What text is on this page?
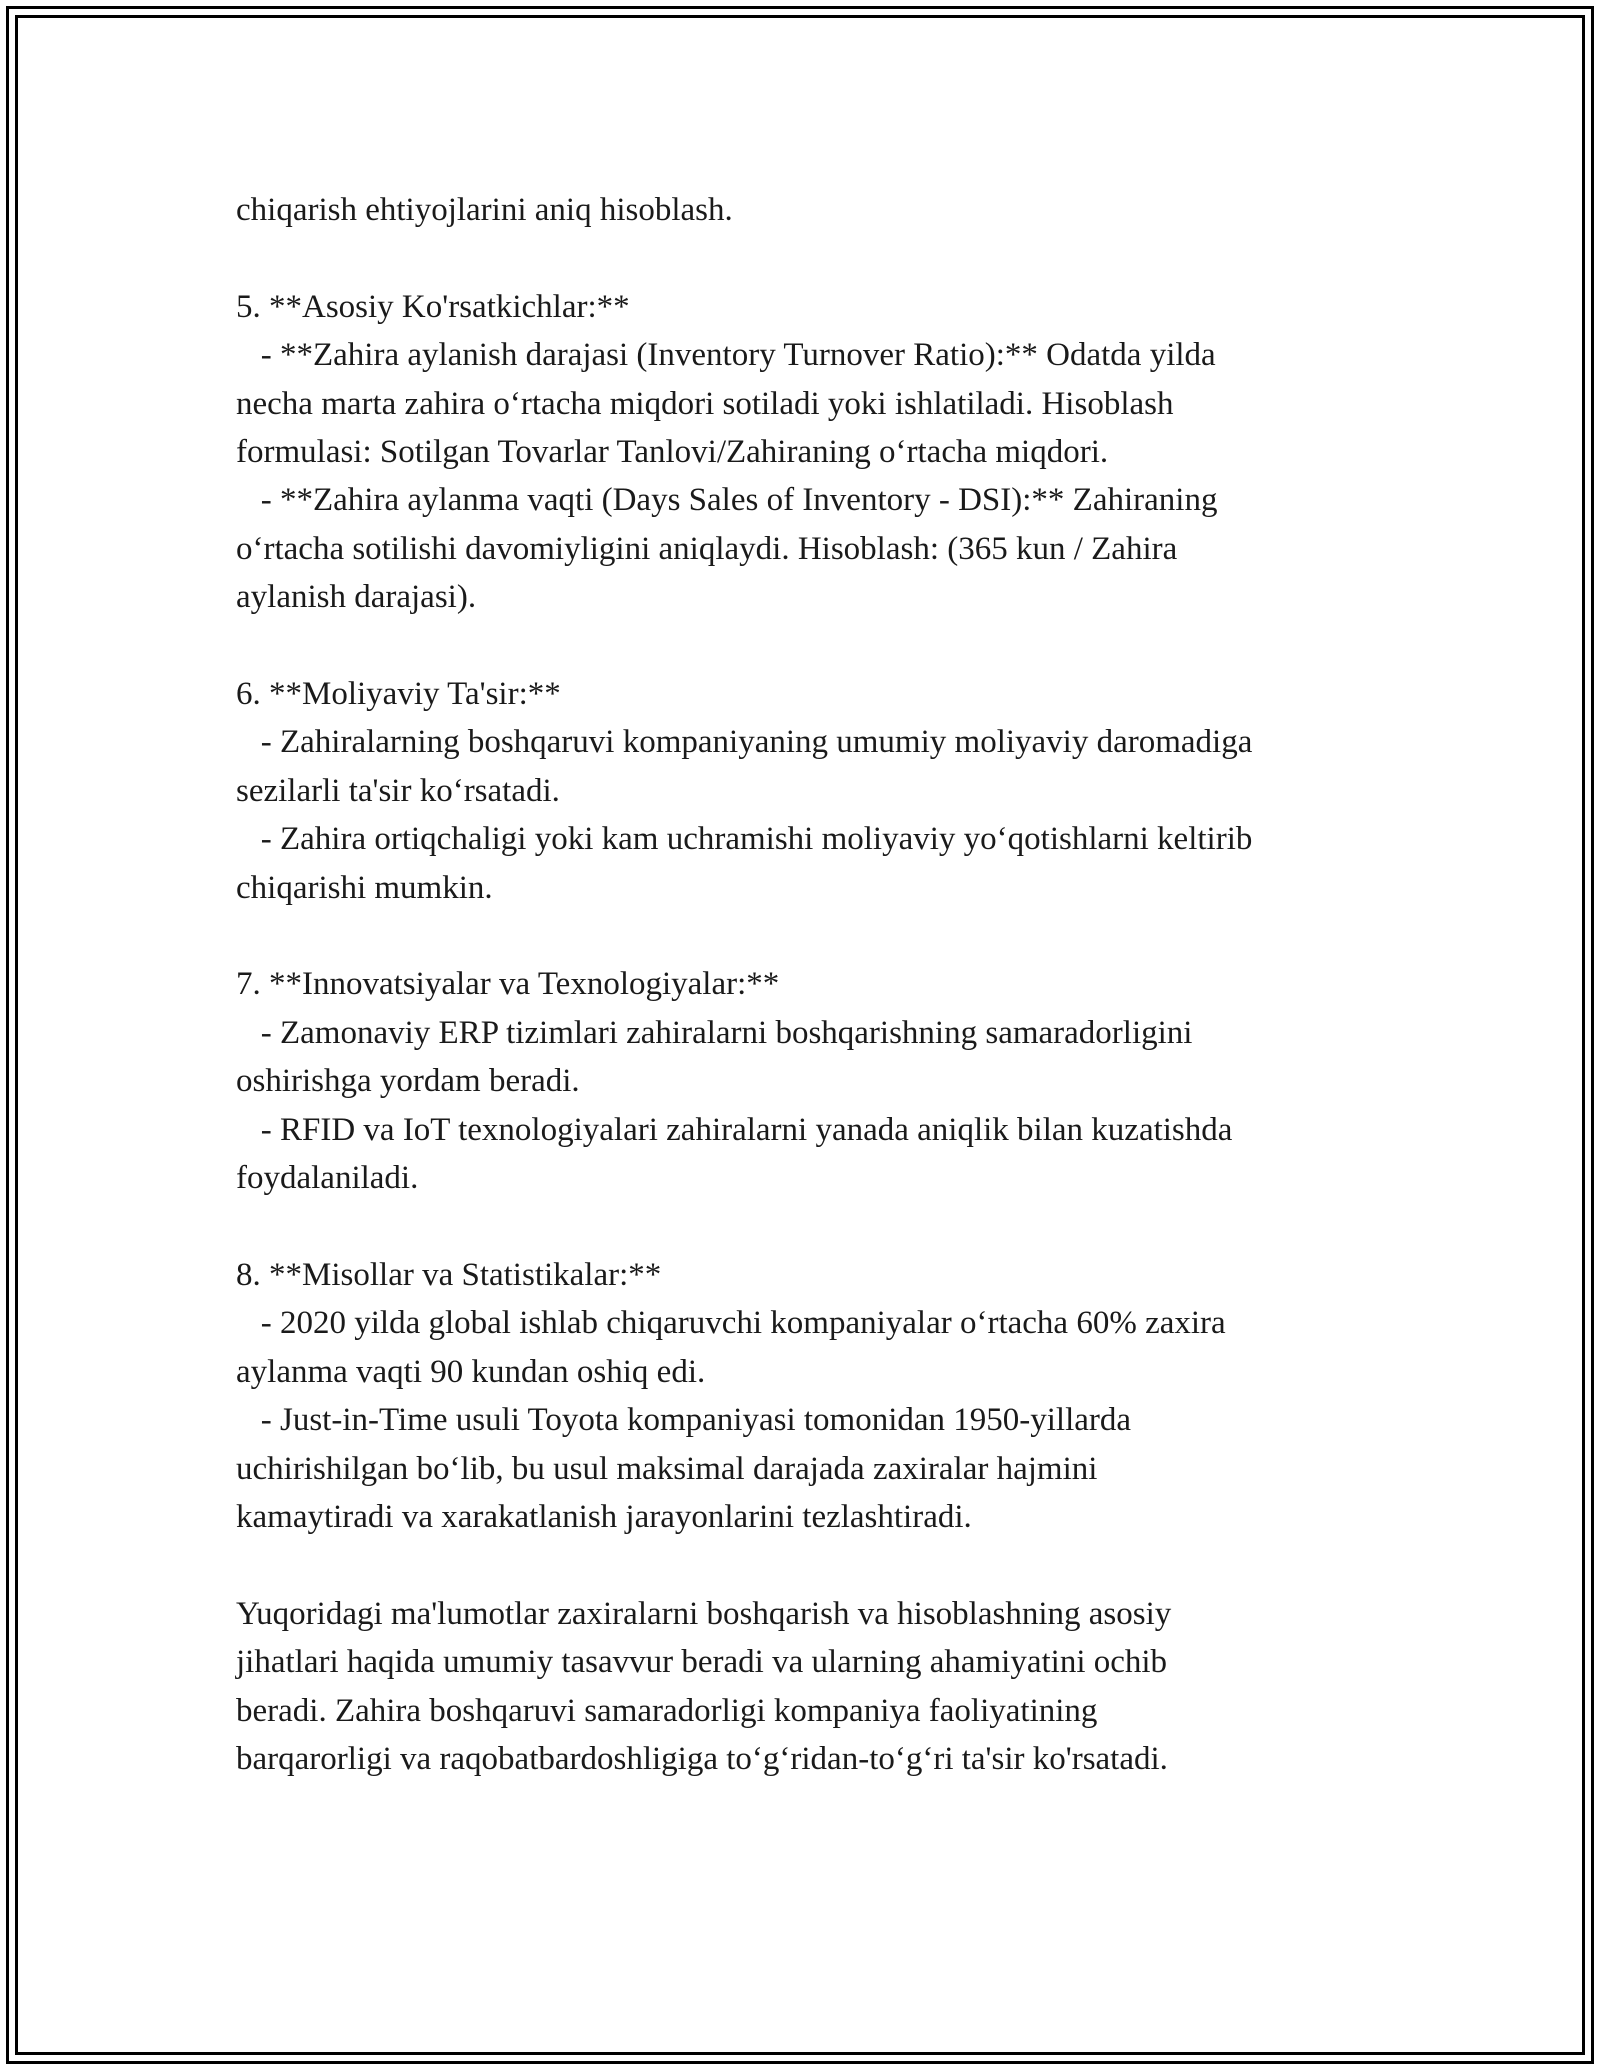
chiqarish ehtiyojlarini aniq hisoblash.
5. **Asosiy Ko'rsatkichlar:**
- **Zahira aylanish darajasi (Inventory Turnover Ratio):** Odatda yilda
necha marta zahira o‘rtacha miqdori sotiladi yoki ishlatiladi. Hisoblash
formulasi: Sotilgan Tovarlar Tanlovi/Zahiraning o‘rtacha miqdori.
- **Zahira aylanma vaqti (Days Sales of Inventory - DSI):** Zahiraning
o‘rtacha sotilishi davomiyligini aniqlaydi. Hisoblash: (365 kun / Zahira
aylanish darajasi).
6. **Moliyaviy Ta'sir:**
- Zahiralarning boshqaruvi kompaniyaning umumiy moliyaviy daromadiga
sezilarli ta'sir ko‘rsatadi.
- Zahira ortiqchaligi yoki kam uchramishi moliyaviy yo‘qotishlarni keltirib
chiqarishi mumkin.
7. **Innovatsiyalar va Texnologiyalar:**
- Zamonaviy ERP tizimlari zahiralarni boshqarishning samaradorligini
oshirishga yordam beradi.
- RFID va IoT texnologiyalari zahiralarni yanada aniqlik bilan kuzatishda
foydalaniladi.
8. **Misollar va Statistikalar:**
- 2020 yilda global ishlab chiqaruvchi kompaniyalar o‘rtacha 60% zaxira
aylanma vaqti 90 kundan oshiq edi.
- Just-in-Time usuli Toyota kompaniyasi tomonidan 1950-yillarda
uchirishilgan bo‘lib, bu usul maksimal darajada zaxiralar hajmini
kamaytiradi va xarakatlanish jarayonlarini tezlashtiradi.
Yuqoridagi ma'lumotlar zaxiralarni boshqarish va hisoblashning asosiy
jihatlari haqida umumiy tasavvur beradi va ularning ahamiyatini ochib
beradi. Zahira boshqaruvi samaradorligi kompaniya faoliyatining
barqarorligi va raqobatbardoshligiga to‘g‘ridan-to‘g‘ri ta'sir ko'rsatadi.
